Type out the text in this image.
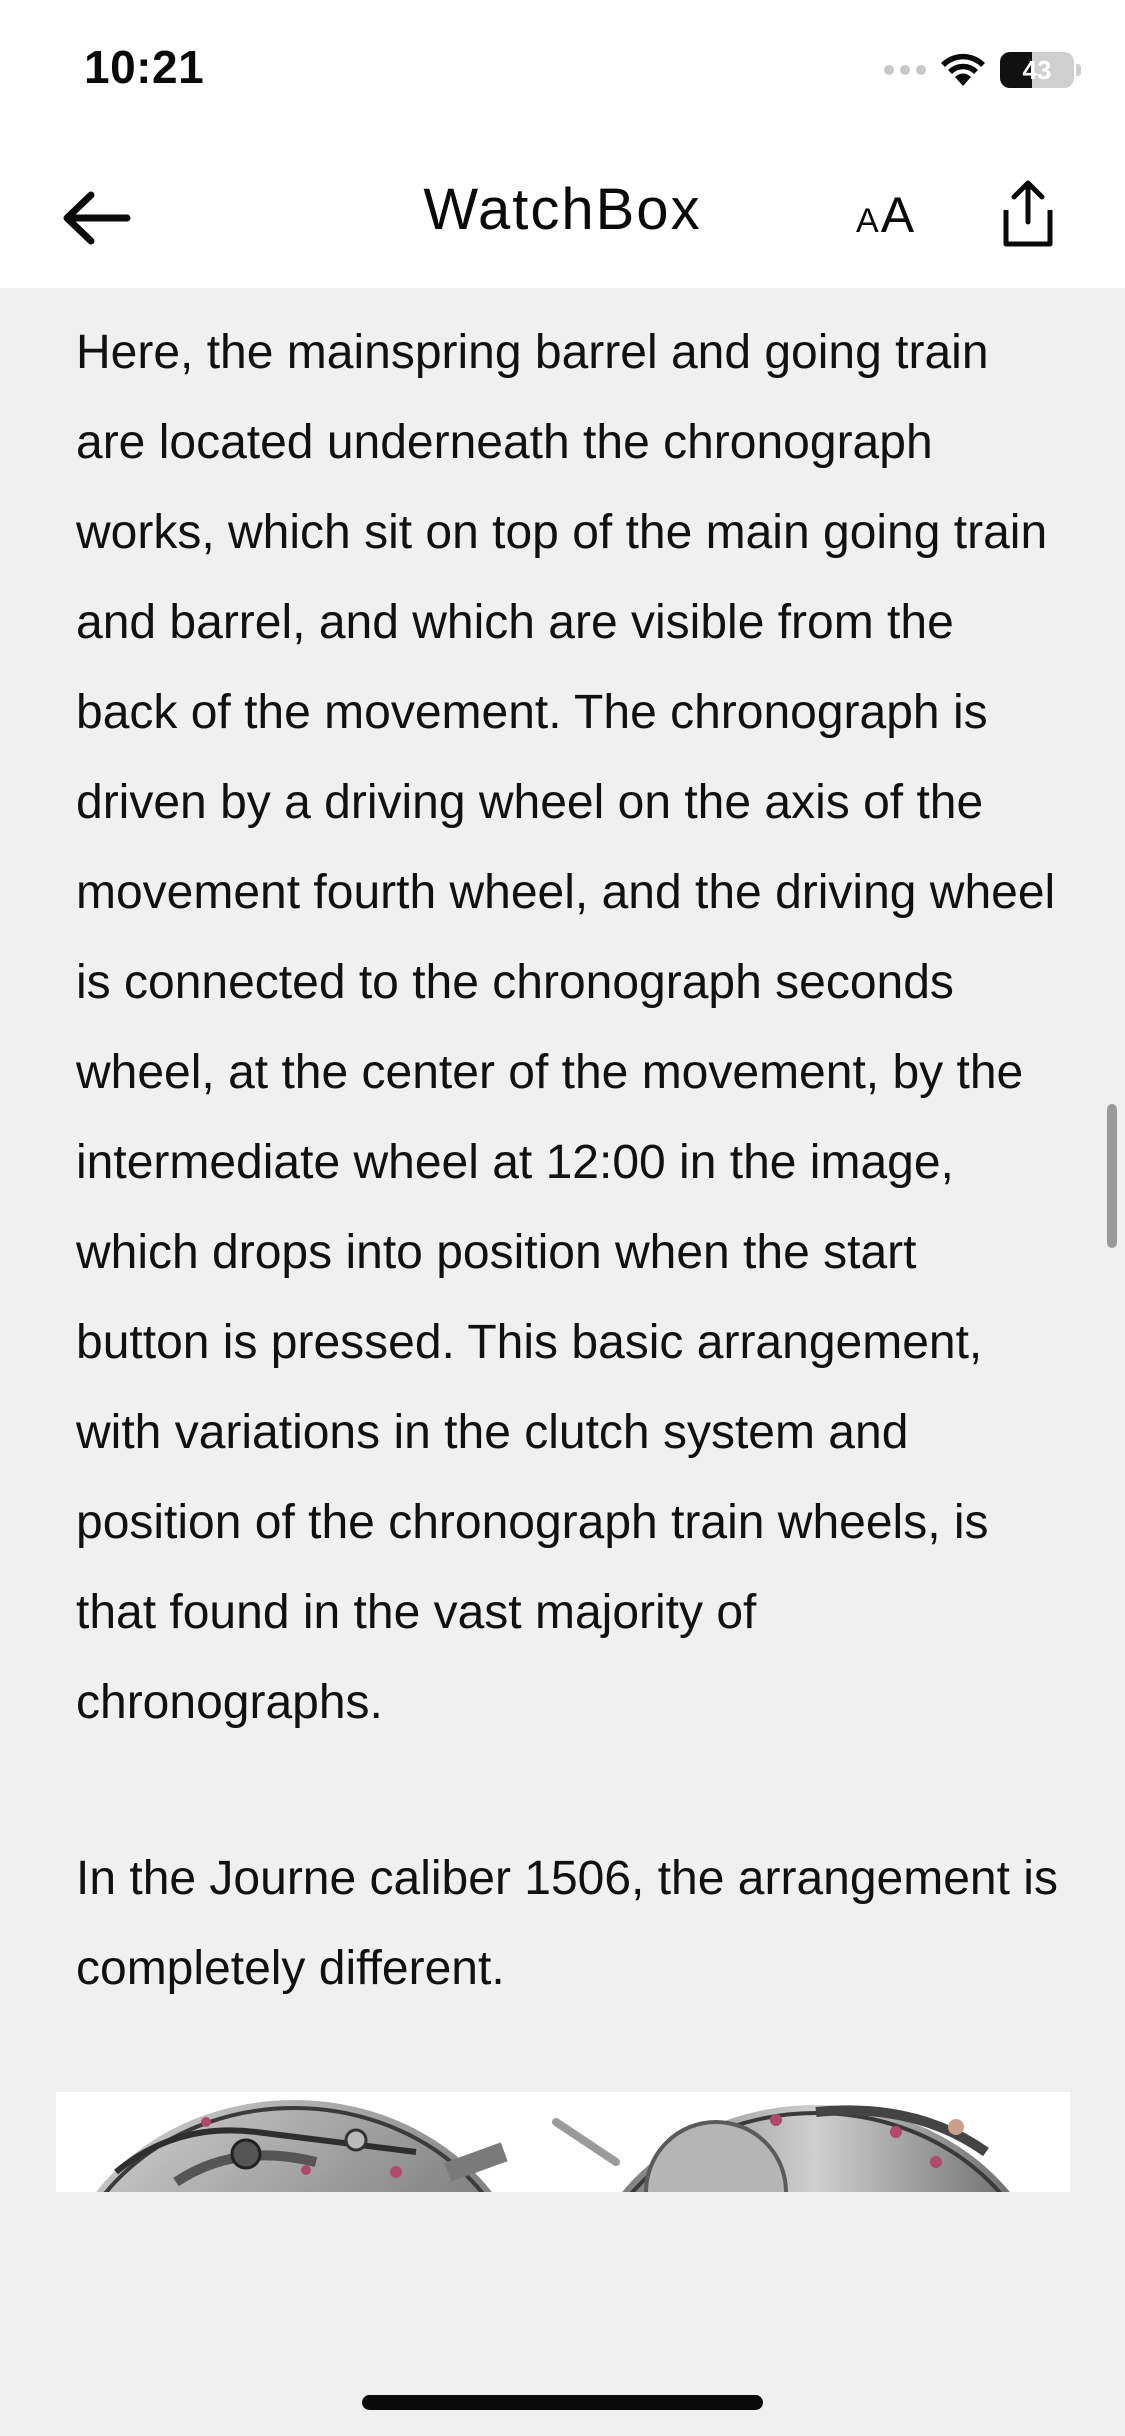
10:21	43
WatchBox	A A

Here, the mainspring barrel and going train are located underneath the chronograph works, which sit on top of the main going train and barrel, and which are visible from the back of the movement. The chronograph is driven by a driving wheel on the axis of the movement fourth wheel, and the driving wheel is connected to the chronograph seconds wheel, at the center of the movement, by the intermediate wheel at 12:00 in the image, which drops into position when the start button is pressed. This basic arrangement, with variations in the clutch system and position of the chronograph train wheels, is that found in the vast majority of chronographs.

In the Journe caliber 1506, the arrangement is completely different.
